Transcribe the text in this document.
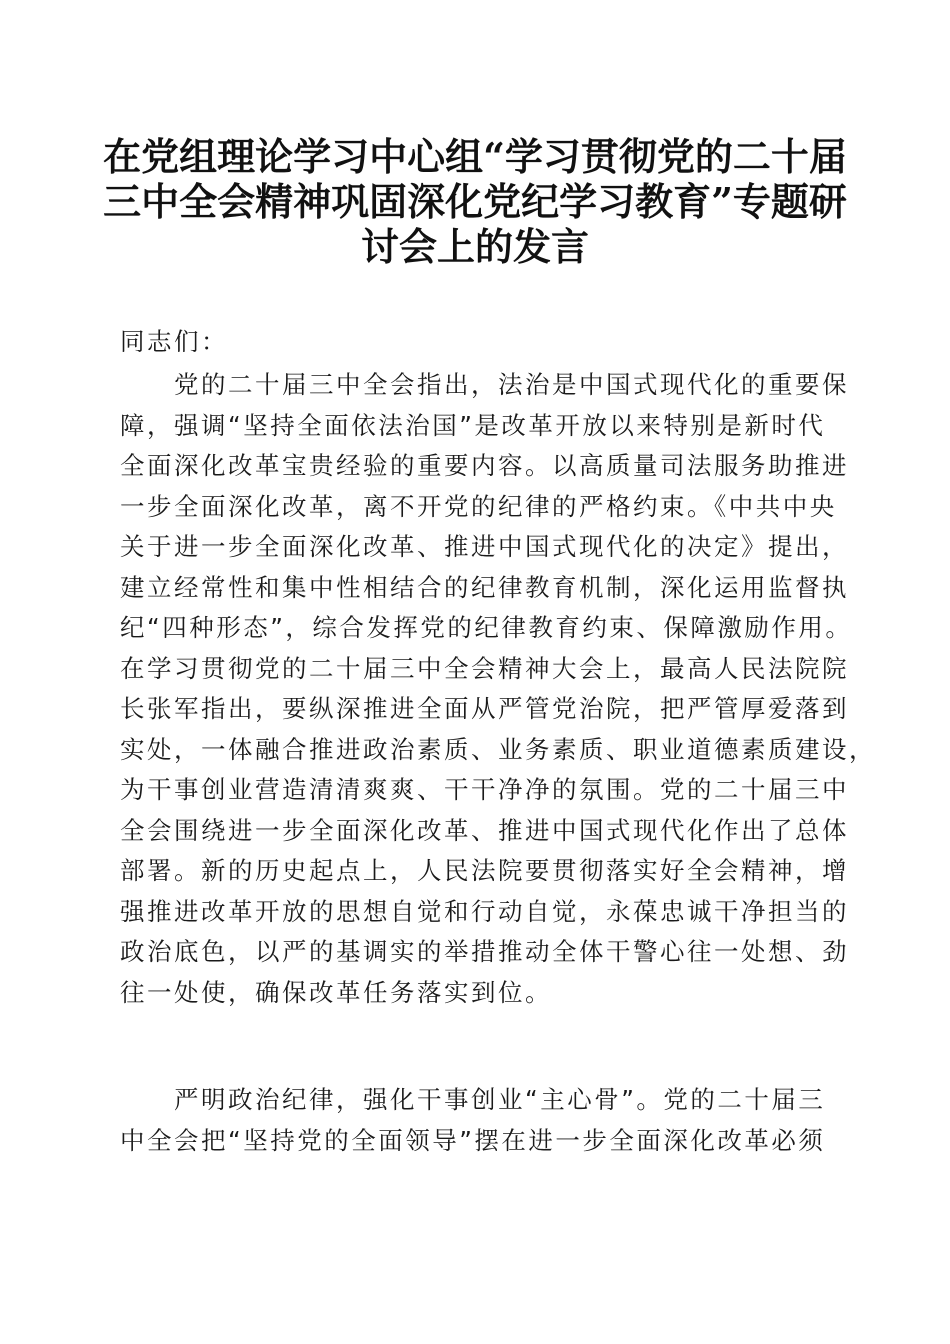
在党组理论学习中心组“学习贯彻党的二十届
三中全会精神巩固深化党纪学习教育”专题研
讨会上的发言
同志们：
　　党的二十届三中全会指出，法治是中国式现代化的重要保
障，强调“坚持全面依法治国”是改革开放以来特别是新时代
全面深化改革宝贵经验的重要内容。以高质量司法服务助推进
一步全面深化改革，离不开党的纪律的严格约束。《中共中央
关于进一步全面深化改革、推进中国式现代化的决定》提出，
建立经常性和集中性相结合的纪律教育机制，深化运用监督执
纪“四种形态”，综合发挥党的纪律教育约束、保障激励作用。
在学习贯彻党的二十届三中全会精神大会上，最高人民法院院
长张军指出，要纵深推进全面从严管党治院，把严管厚爱落到
实处，一体融合推进政治素质、业务素质、职业道德素质建设，
为干事创业营造清清爽爽、干干净净的氛围。党的二十届三中
全会围绕进一步全面深化改革、推进中国式现代化作出了总体
部署。新的历史起点上，人民法院要贯彻落实好全会精神，增
强推进改革开放的思想自觉和行动自觉，永葆忠诚干净担当的
政治底色，以严的基调实的举措推动全体干警心往一处想、劲
往一处使，确保改革任务落实到位。
　　严明政治纪律，强化干事创业“主心骨”。党的二十届三
中全会把“坚持党的全面领导”摆在进一步全面深化改革必须
